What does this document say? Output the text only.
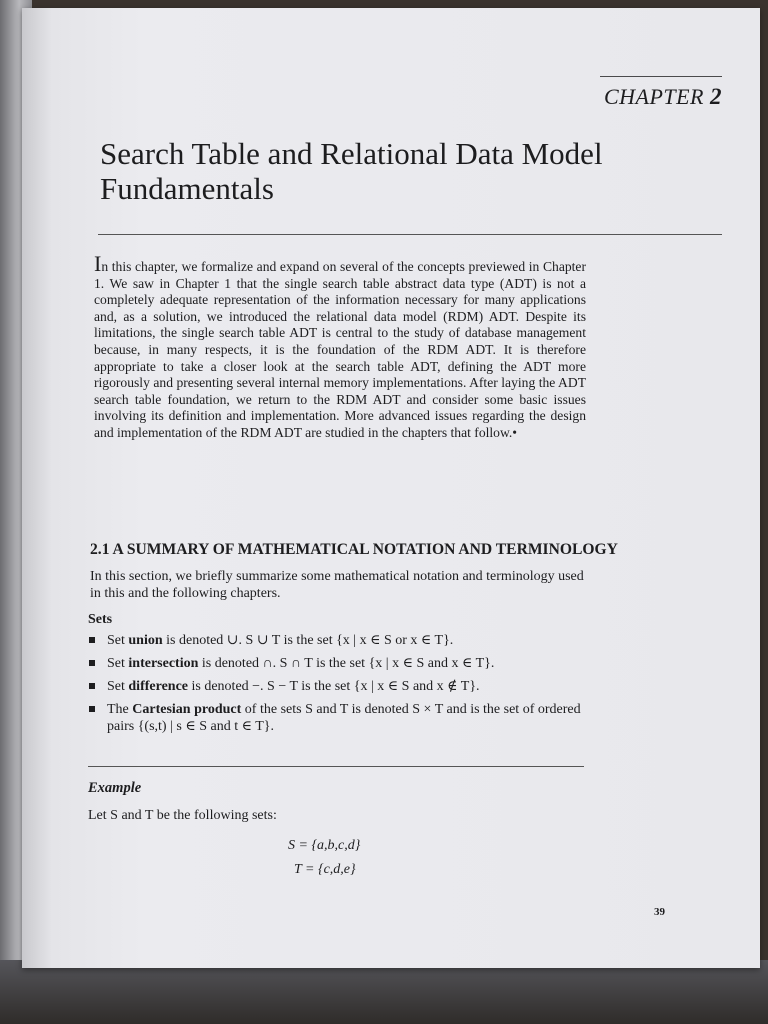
CHAPTER 2
Search Table and Relational Data Model Fundamentals

In this chapter, we formalize and expand on several of the concepts previewed in Chapter 1. We saw in Chapter 1 that the single search table abstract data type (ADT) is not a completely adequate representation of the information necessary for many applications and, as a solution, we introduced the relational data model (RDM) ADT. Despite its limitations, the single search table ADT is central to the study of database management because, in many respects, it is the foundation of the RDM ADT. It is therefore appropriate to take a closer look at the search table ADT, defining the ADT more rigorously and presenting several internal memory implementations. After laying the ADT search table foundation, we return to the RDM ADT and consider some basic issues involving its definition and implementation. More advanced issues regarding the design and implementation of the RDM ADT are studied in the chapters that follow.•

2.1 A SUMMARY OF MATHEMATICAL NOTATION AND TERMINOLOGY

In this section, we briefly summarize some mathematical notation and terminology used in this and the following chapters.

Sets
Set union is denoted ∪. S ∪ T is the set {x | x ∈ S or x ∈ T}.
Set intersection is denoted ∩. S ∩ T is the set {x | x ∈ S and x ∈ T}.
Set difference is denoted −. S − T is the set {x | x ∈ S and x ∉ T}.
The Cartesian product of the sets S and T is denoted S × T and is the set of ordered pairs {(s,t) | s ∈ S and t ∈ T}.
Example

Let S and T be the following sets:

S = {a,b,c,d}
T = {c,d,e}
39
